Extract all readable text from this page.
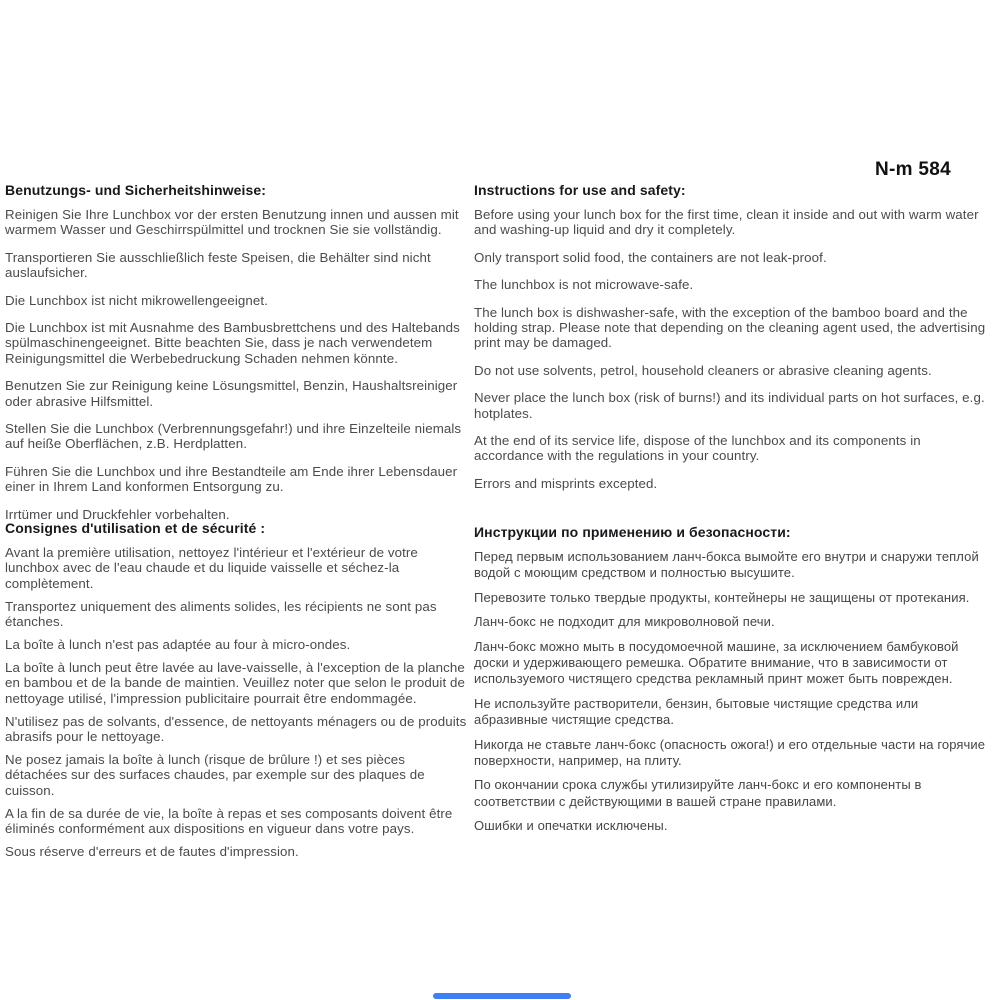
N-m 584
Benutzungs- und Sicherheitshinweise:

Reinigen Sie Ihre Lunchbox vor der ersten Benutzung innen und aussen mit warmem Wasser und Geschirrspülmittel und trocknen Sie sie vollständig.

Transportieren Sie ausschließlich feste Speisen, die Behälter sind nicht auslaufsicher.

Die Lunchbox ist nicht mikrowellengeeignet.

Die Lunchbox ist mit Ausnahme des Bambusbrettchens und des Haltebands spülmaschinengeeignet. Bitte beachten Sie, dass je nach verwendetem Reinigungsmittel die Werbebedruckung Schaden nehmen könnte.

Benutzen Sie zur Reinigung keine Lösungsmittel, Benzin, Haushaltsreiniger oder abrasive Hilfsmittel.

Stellen Sie die Lunchbox (Verbrennungsgefahr!) und ihre Einzelteile niemals auf heiße Oberflächen, z.B. Herdplatten.

Führen Sie die Lunchbox und ihre Bestandteile am Ende ihrer Lebensdauer einer in Ihrem Land konformen Entsorgung zu.

Irrtümer und Druckfehler vorbehalten.

Instructions for use and safety:

Before using your lunch box for the first time, clean it inside and out with warm water and washing-up liquid and dry it completely.

Only transport solid food, the containers are not leak-proof.

The lunchbox is not microwave-safe.

The lunch box is dishwasher-safe, with the exception of the bamboo board and the holding strap. Please note that depending on the cleaning agent used, the advertising print may be damaged.

Do not use solvents, petrol, household cleaners or abrasive cleaning agents.

Never place the lunch box (risk of burns!) and its individual parts on hot surfaces, e.g. hotplates.

At the end of its service life, dispose of the lunchbox and its components in accordance with the regulations in your country.

Errors and misprints excepted.

Consignes d'utilisation et de sécurité :

Avant la première utilisation, nettoyez l'intérieur et l'extérieur de votre lunchbox avec de l'eau chaude et du liquide vaisselle et séchez-la complètement.

Transportez uniquement des aliments solides, les récipients ne sont pas étanches.

La boîte à lunch n'est pas adaptée au four à micro-ondes.

La boîte à lunch peut être lavée au lave-vaisselle, à l'exception de la planche en bambou et de la bande de maintien. Veuillez noter que selon le produit de nettoyage utilisé, l'impression publicitaire pourrait être endommagée.

N'utilisez pas de solvants, d'essence, de nettoyants ménagers ou de produits abrasifs pour le nettoyage.

Ne posez jamais la boîte à lunch (risque de brûlure !) et ses pièces détachées sur des surfaces chaudes, par exemple sur des plaques de cuisson.

A la fin de sa durée de vie, la boîte à repas et ses composants doivent être éliminés conformément aux dispositions en vigueur dans votre pays.

Sous réserve d'erreurs et de fautes d'impression.

Инструкции по применению и безопасности:

Перед первым использованием ланч-бокса вымойте его внутри и снаружи теплой водой с моющим средством и полностью высушите.

Перевозите только твердые продукты, контейнеры не защищены от протекания.

Ланч-бокс не подходит для микроволновой печи.

Ланч-бокс можно мыть в посудомоечной машине, за исключением бамбуковой доски и удерживающего ремешка. Обратите внимание, что в зависимости от используемого чистящего средства рекламный принт может быть поврежден.

Не используйте растворители, бензин, бытовые чистящие средства или абразивные чистящие средства.

Никогда не ставьте ланч-бокс (опасность ожога!) и его отдельные части на горячие поверхности, например, на плиту.

По окончании срока службы утилизируйте ланч-бокс и его компоненты в соответствии с действующими в вашей стране правилами.

Ошибки и опечатки исключены.
